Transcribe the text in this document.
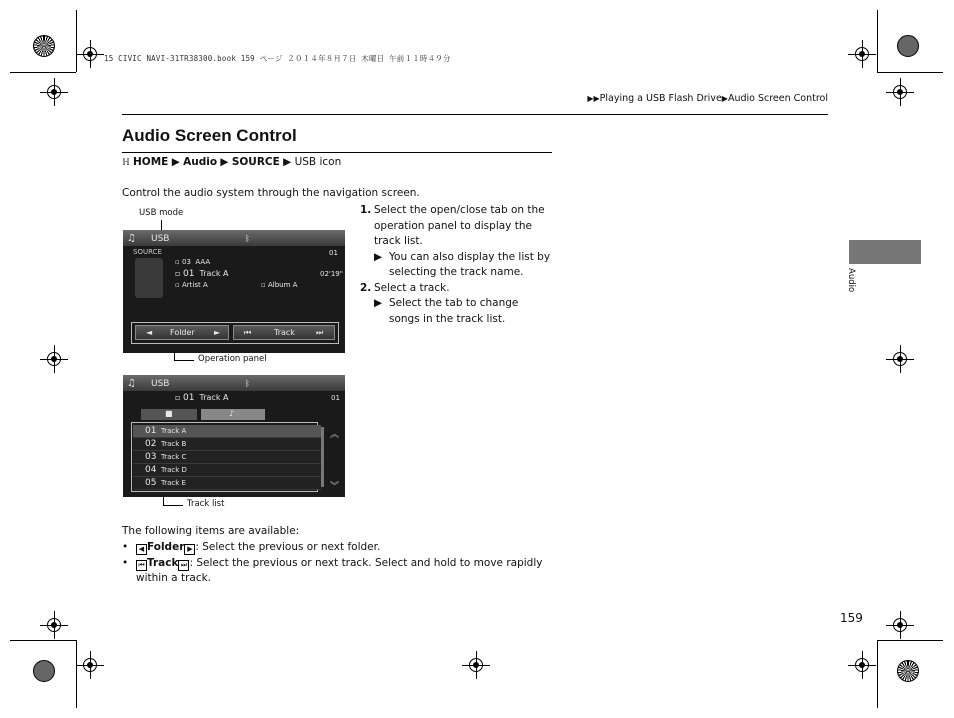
15 CIVIC NAVI-31TR38300.book 159 ページ ２０１４年８月７日 木曜日 午前１１時４９分
▶▶Playing a USB Flash Drive▶Audio Screen Control
Audio Screen Control
ℍ HOME ▶ Audio ▶ SOURCE ▶ USB icon
Control the audio system through the navigation screen.
USB mode
♫ USB	ᛒ
SOURCE
▫ 03 AAA
▫ 01 Track A	02'19"
01
▫ Artist A	▫ Album A
◄ Folder ►	⏮	Track	⏭
Operation panel
1. Select the open/close tab on the operation panel to display the track list.
▶ You can also display the list by selecting the track name.
2. Select a track.
▶ Select the tab to change songs in the track list.
♫ USB	ᛒ
▫ 01 Track A	01
■	♪
01 Track A
02 Track B
03 Track C
04 Track D
05 Track E
︽
︾
Track list
The following items are available:
•	◀ Folder ▶ : Select the previous or next folder.
•	⏮ Track ⏭ : Select the previous or next track. Select and hold to move rapidly within a track.
Audio
159
